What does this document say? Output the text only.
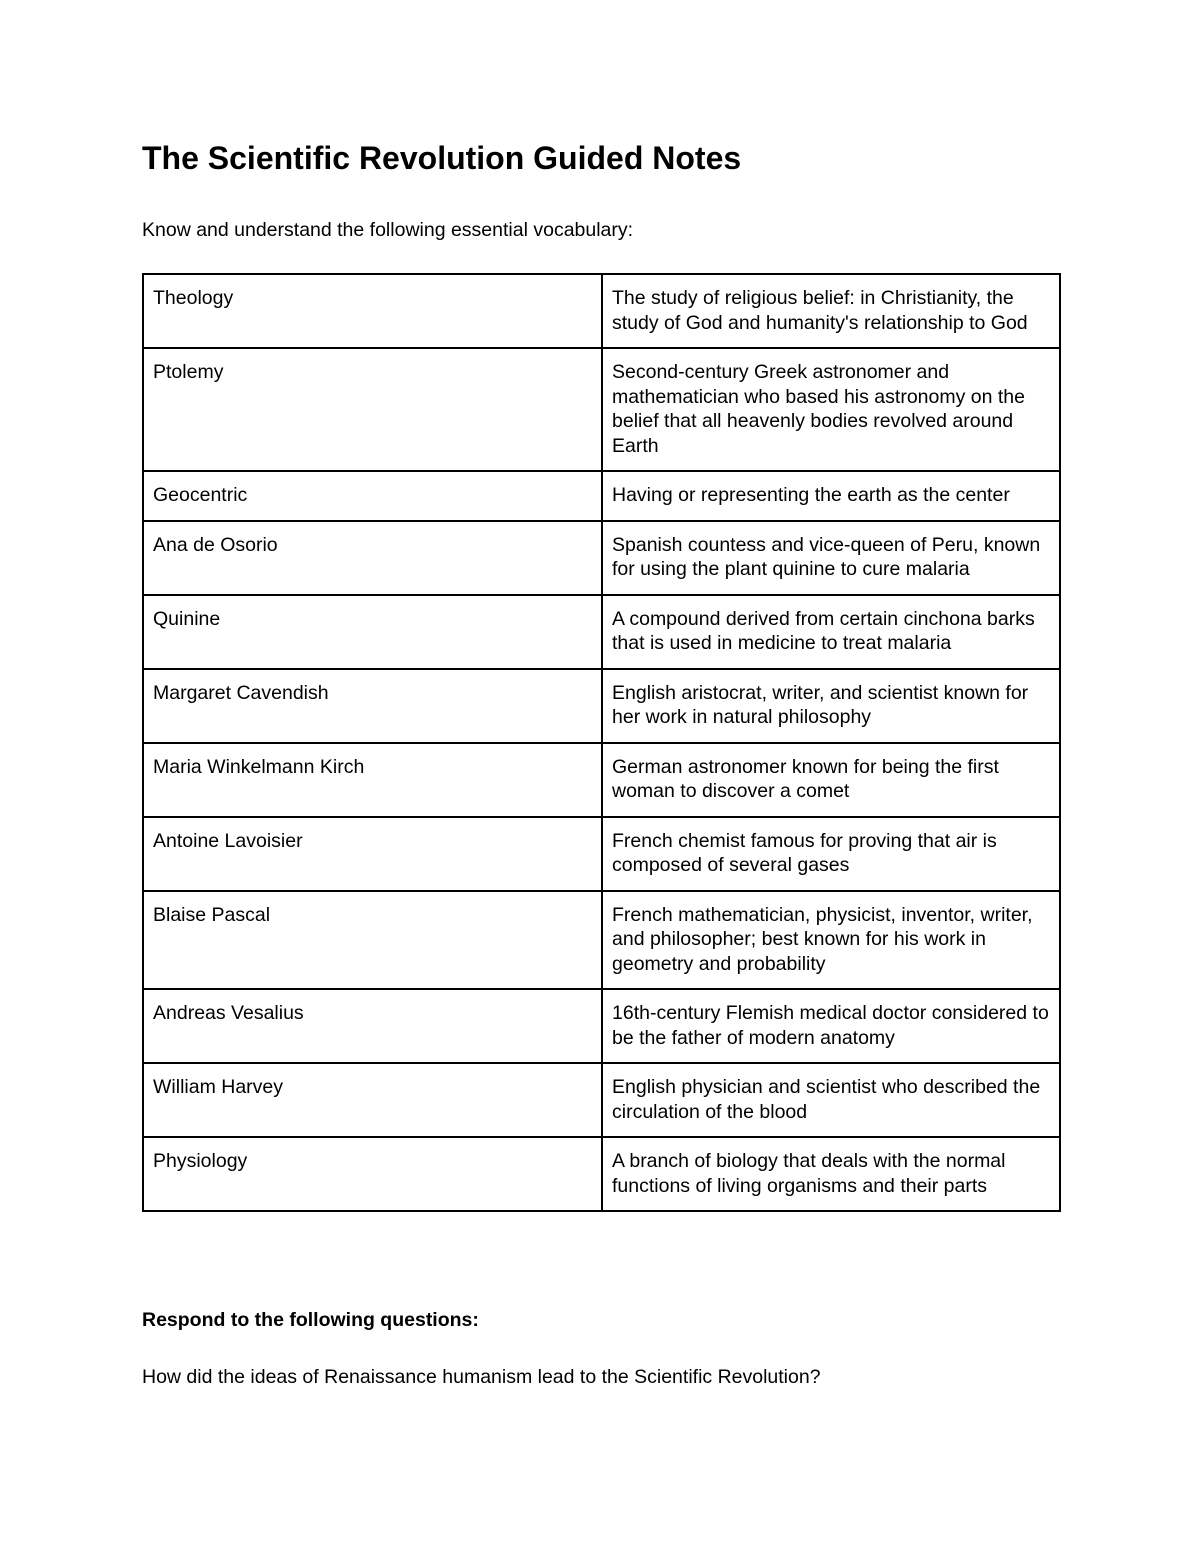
The Scientific Revolution Guided Notes

Know and understand the following essential vocabulary:

Theology	The study of religious belief: in Christianity, the study of God and humanity's relationship to God
Ptolemy	Second-century Greek astronomer and mathematician who based his astronomy on the belief that all heavenly bodies revolved around Earth
Geocentric	Having or representing the earth as the center
Ana de Osorio	Spanish countess and vice-queen of Peru, known for using the plant quinine to cure malaria
Quinine	A compound derived from certain cinchona barks that is used in medicine to treat malaria
Margaret Cavendish	English aristocrat, writer, and scientist known for her work in natural philosophy
Maria Winkelmann Kirch	German astronomer known for being the first woman to discover a comet
Antoine Lavoisier	French chemist famous for proving that air is composed of several gases
Blaise Pascal	French mathematician, physicist, inventor, writer, and philosopher; best known for his work in geometry and probability
Andreas Vesalius	16th-century Flemish medical doctor considered to be the father of modern anatomy
William Harvey	English physician and scientist who described the circulation of the blood
Physiology	A branch of biology that deals with the normal functions of living organisms and their parts

Respond to the following questions:

How did the ideas of Renaissance humanism lead to the Scientific Revolution?
